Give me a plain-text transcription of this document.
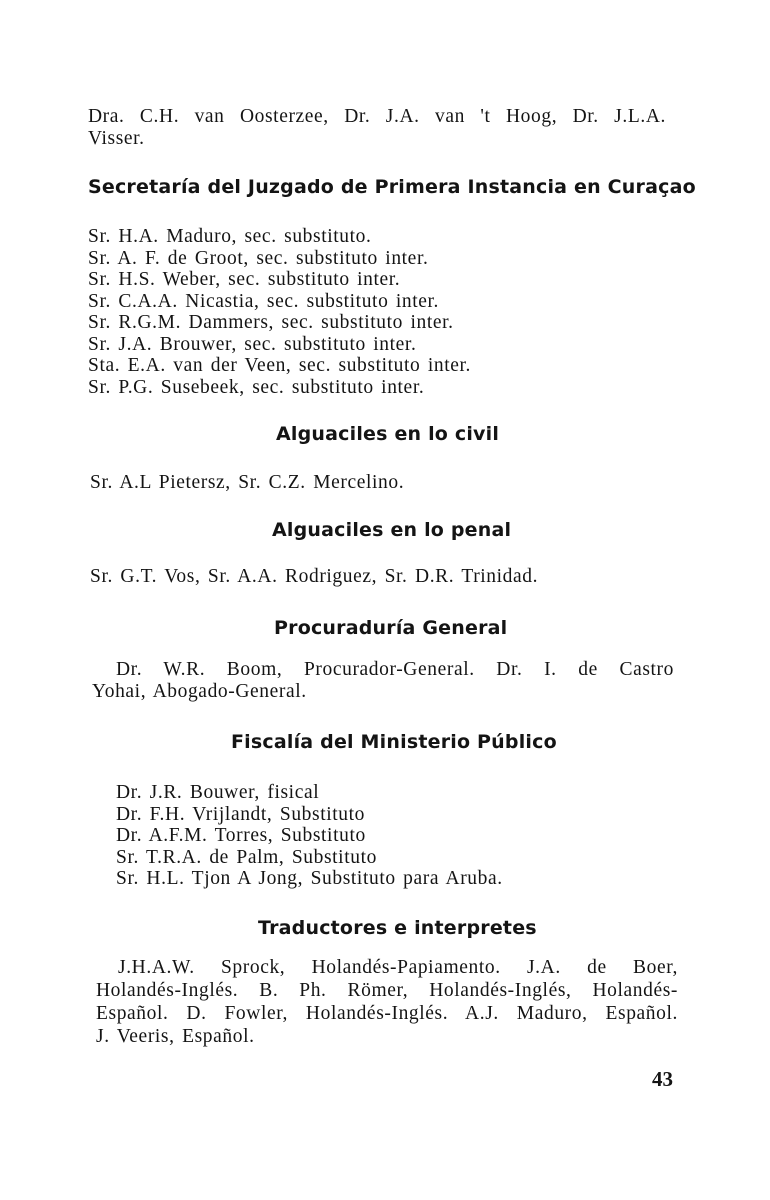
Dra. C.H. van Oosterzee, Dr. J.A. van 't Hoog, Dr. J.L.A.
Visser.
Secretaría del Juzgado de Primera Instancia en Curaçao
Sr. H.A. Maduro, sec. substituto.
Sr. A. F. de Groot, sec. substituto inter.
Sr. H.S. Weber, sec. substituto inter.
Sr. C.A.A. Nicastia, sec. substituto inter.
Sr. R.G.M. Dammers, sec. substituto inter.
Sr. J.A. Brouwer, sec. substituto inter.
Sta. E.A. van der Veen, sec. substituto inter.
Sr. P.G. Susebeek, sec. substituto inter.
Alguaciles en lo civil
Sr. A.L Pietersz, Sr. C.Z. Mercelino.
Alguaciles en lo penal
Sr. G.T. Vos, Sr. A.A. Rodriguez, Sr. D.R. Trinidad.
Procuraduría General
Dr. W.R. Boom, Procurador-General. Dr. I. de Castro
Yohai, Abogado-General.
Fiscalía del Ministerio Público
Dr. J.R. Bouwer, fisical
Dr. F.H. Vrijlandt, Substituto
Dr. A.F.M. Torres, Substituto
Sr. T.R.A. de Palm, Substituto
Sr. H.L. Tjon A Jong, Substituto para Aruba.
Traductores e interpretes
J.H.A.W. Sprock, Holandés-Papiamento. J.A. de Boer,
Holandés-Inglés. B. Ph. Römer, Holandés-Inglés, Holandés-
Español. D. Fowler, Holandés-Inglés. A.J. Maduro, Español.
J. Veeris, Español.
43
